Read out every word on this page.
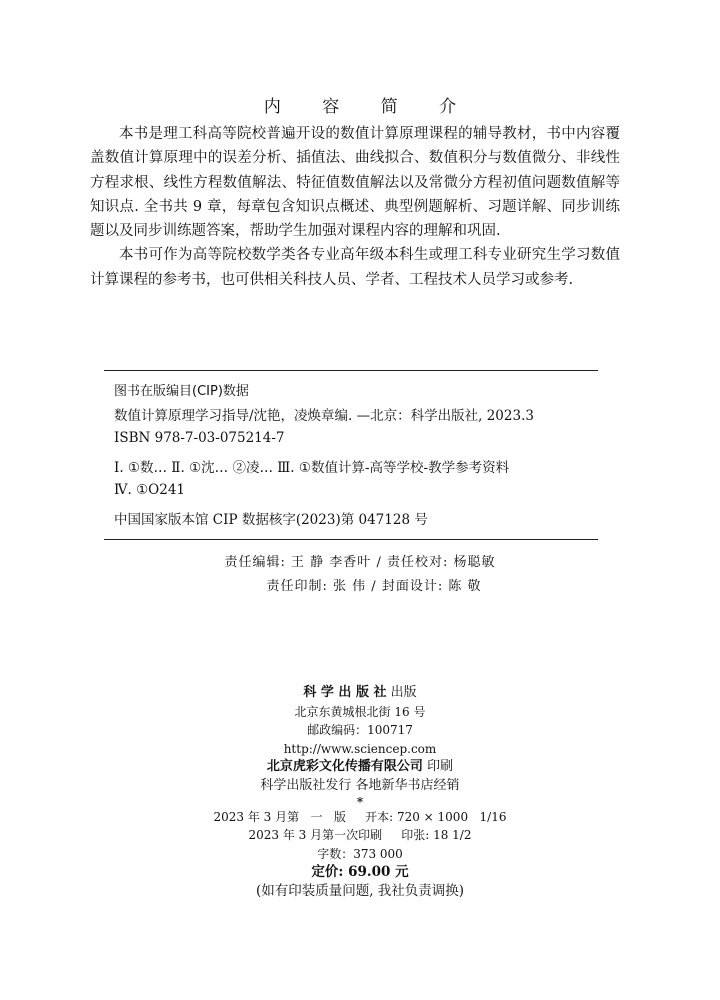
内 容 简 介

本书是理工科高等院校普遍开设的数值计算原理课程的辅导教材，书中内容覆盖数值计算原理中的误差分析、插值法、曲线拟合、数值积分与数值微分、非线性方程求根、线性方程数值解法、特征值数值解法以及常微分方程初值问题数值解等知识点. 全书共 9 章，每章包含知识点概述、典型例题解析、习题详解、同步训练题以及同步训练题答案，帮助学生加强对课程内容的理解和巩固.

本书可作为高等院校数学类各专业高年级本科生或理工科专业研究生学习数值计算课程的参考书，也可供相关科技人员、学者、工程技术人员学习或参考.

图书在版编目(CIP)数据
数值计算原理学习指导/沈艳，凌焕章编. —北京：科学出版社, 2023.3
ISBN 978-7-03-075214-7
Ⅰ. ①数… Ⅱ. ①沈… ②凌… Ⅲ. ①数值计算-高等学校-教学参考资料
Ⅳ. ①O241
中国国家版本馆 CIP 数据核字(2023)第 047128 号
责任编辑: 王 静 李香叶 / 责任校对: 杨聪敏
责任印制: 张 伟 / 封面设计: 陈 敬
科 学 出 版 社 出版
北京东黄城根北街 16 号
邮政编码：100717
http://www.sciencep.com
北京虎彩文化传播有限公司 印刷
科学出版社发行 各地新华书店经销
*
2023 年 3 月第   一   版     开本: 720 × 1000   1/16
2023 年 3 月第一次印刷     印张: 18 1/2
字数：373 000
定价: 69.00 元
(如有印装质量问题, 我社负责调换)
